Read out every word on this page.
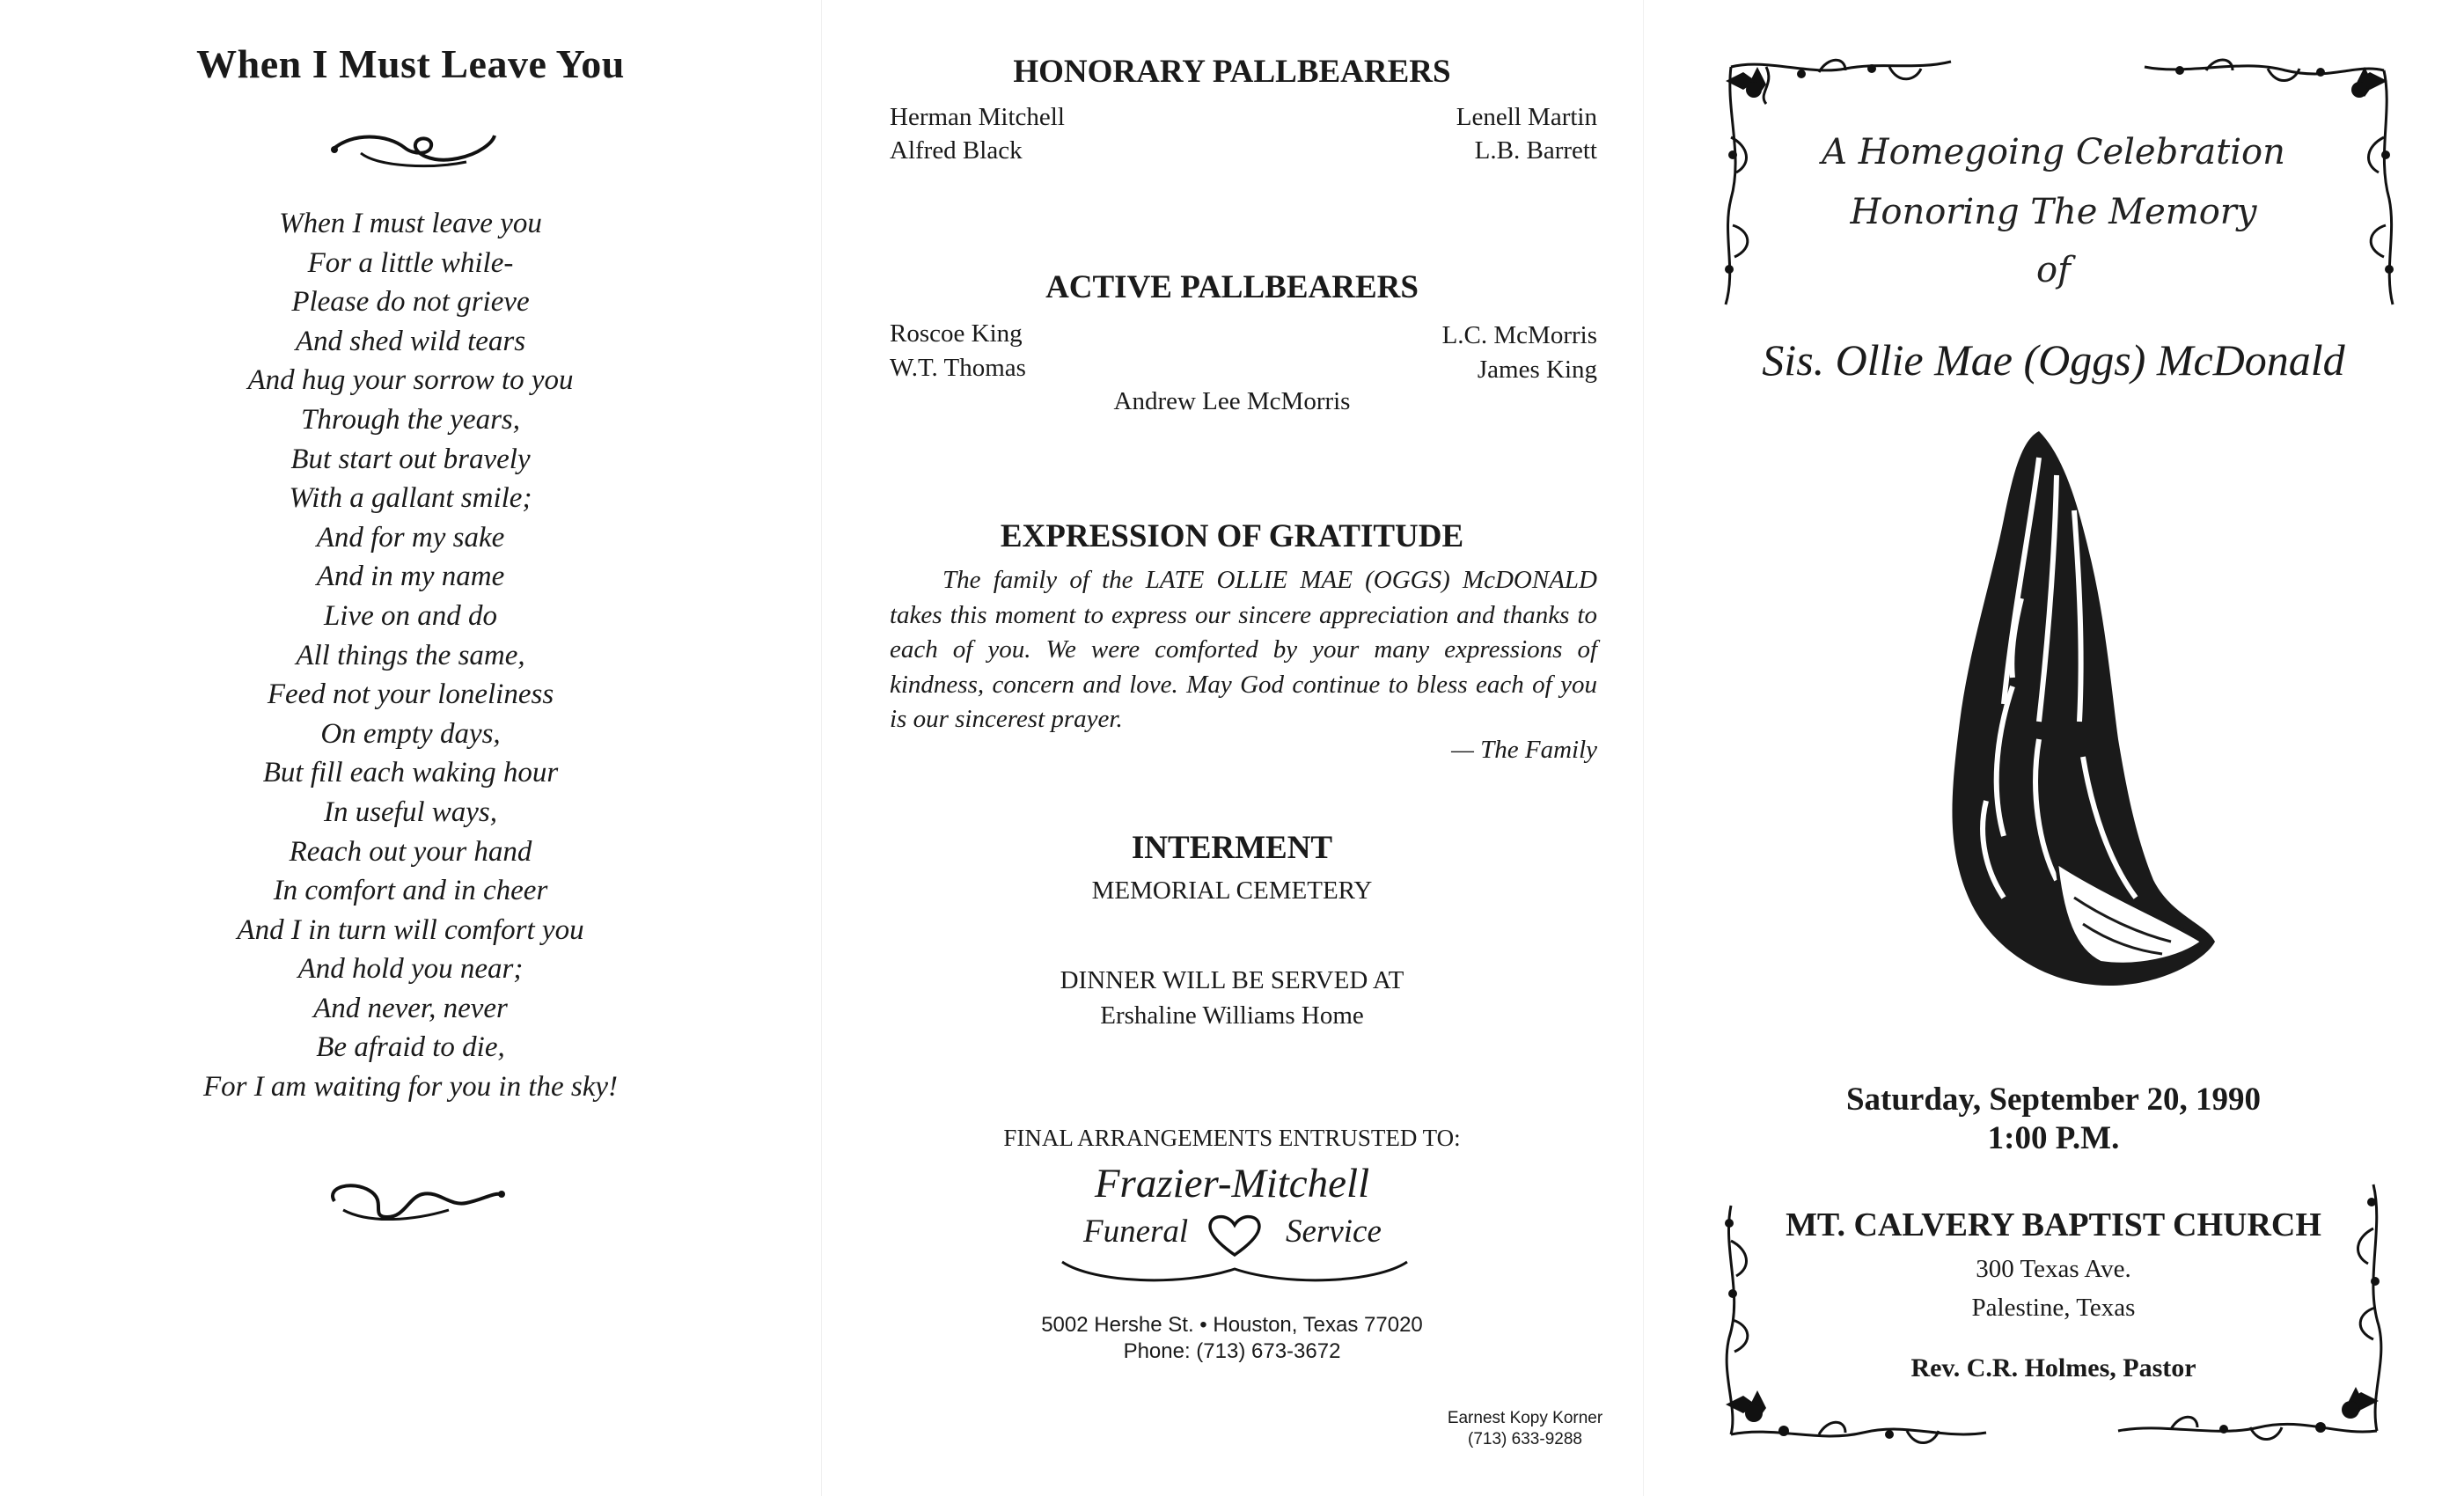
When I Must Leave You
When I must leave you
For a little while-
Please do not grieve
And shed wild tears
And hug your sorrow to you
Through the years,
But start out bravely
With a gallant smile;
And for my sake
And in my name
Live on and do
All things the same,
Feed not your loneliness
On empty days,
But fill each waking hour
In useful ways,
Reach out your hand
In comfort and in cheer
And I in turn will comfort you
And hold you near;
And never, never
Be afraid to die,
For I am waiting for you in the sky!
HONORARY PALLBEARERS
Herman Mitchell
Alfred Black
Lenell Martin
L.B. Barrett
ACTIVE PALLBEARERS
Roscoe King
W.T. Thomas
L.C. McMorris
James King
Andrew Lee McMorris
EXPRESSION OF GRATITUDE

The family of the LATE OLLIE MAE (OGGS) McDONALD takes this moment to express our sincere appreciation and thanks to each of you. We were comforted by your many expressions of kindness, concern and love. May God continue to bless each of you is our sincerest prayer.

— The Family
INTERMENT
MEMORIAL CEMETERY
DINNER WILL BE SERVED AT
Ershaline Williams Home
FINAL ARRANGEMENTS ENTRUSTED TO:
Frazier-Mitchell
Funeral	Service
5002 Hershe St. • Houston, Texas 77020
Phone: (713) 673-3672
Earnest Kopy Korner
(713) 633-9288
A Homegoing Celebration
Honoring The Memory
of
Sis. Ollie Mae (Oggs) McDonald
Saturday, September 20, 1990
1:00 P.M.
MT. CALVERY BAPTIST CHURCH
300 Texas Ave.
Palestine, Texas
Rev. C.R. Holmes, Pastor
